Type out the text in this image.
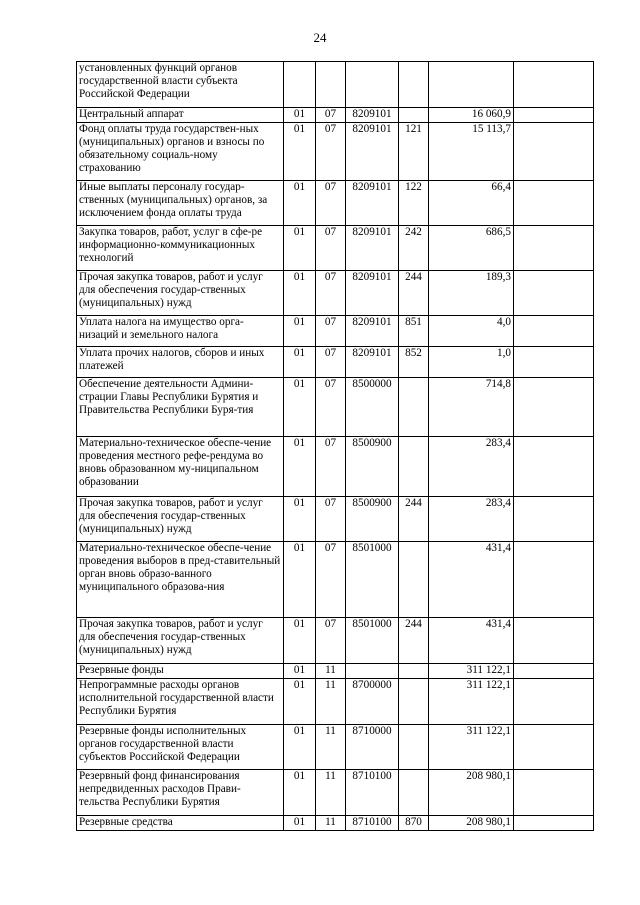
24
установленных функций органов государственной власти субъекта Российской Федерации						
Центральный аппарат	01	07	8209101		16 060,9	
Фонд оплаты труда государствен-ных (муниципальных) органов и взносы по обязательному социаль-ному страхованию	01	07	8209101	121	15 113,7	
Иные выплаты персоналу государ-ственных (муниципальных) органов, за исключением фонда оплаты труда	01	07	8209101	122	66,4	
Закупка товаров, работ, услуг в сфе-ре информационно-коммуникационных технологий	01	07	8209101	242	686,5	
Прочая закупка товаров, работ и услуг для обеспечения государ-ственных (муниципальных) нужд	01	07	8209101	244	189,3	
Уплата налога на имущество орга-низаций и земельного налога	01	07	8209101	851	4,0	
Уплата прочих налогов, сборов и иных платежей	01	07	8209101	852	1,0	
Обеспечение деятельности Админи-страции Главы Республики Бурятия и Правительства Республики Буря-тия	01	07	8500000		714,8	
Материально-техническое обеспе-чение проведения местного рефе-рендума во вновь образованном му-ниципальном образовании	01	07	8500900		283,4	
Прочая закупка товаров, работ и услуг для обеспечения государ-ственных (муниципальных) нужд	01	07	8500900	244	283,4	
Материально-техническое обеспе-чение проведения выборов в пред-ставительный орган вновь образо-ванного муниципального образова-ния	01	07	8501000		431,4	
Прочая закупка товаров, работ и услуг для обеспечения государ-ственных (муниципальных) нужд	01	07	8501000	244	431,4	
Резервные фонды	01	11			311 122,1	
Непрограммные расходы органов исполнительной государственной власти Республики Бурятия	01	11	8700000		311 122,1	
Резервные фонды исполнительных органов государственной власти субъектов Российской Федерации	01	11	8710000		311 122,1	
Резервный фонд финансирования непредвиденных расходов Прави-тельства Республики Бурятия	01	11	8710100		208 980,1	
Резервные средства	01	11	8710100	870	208 980,1	
